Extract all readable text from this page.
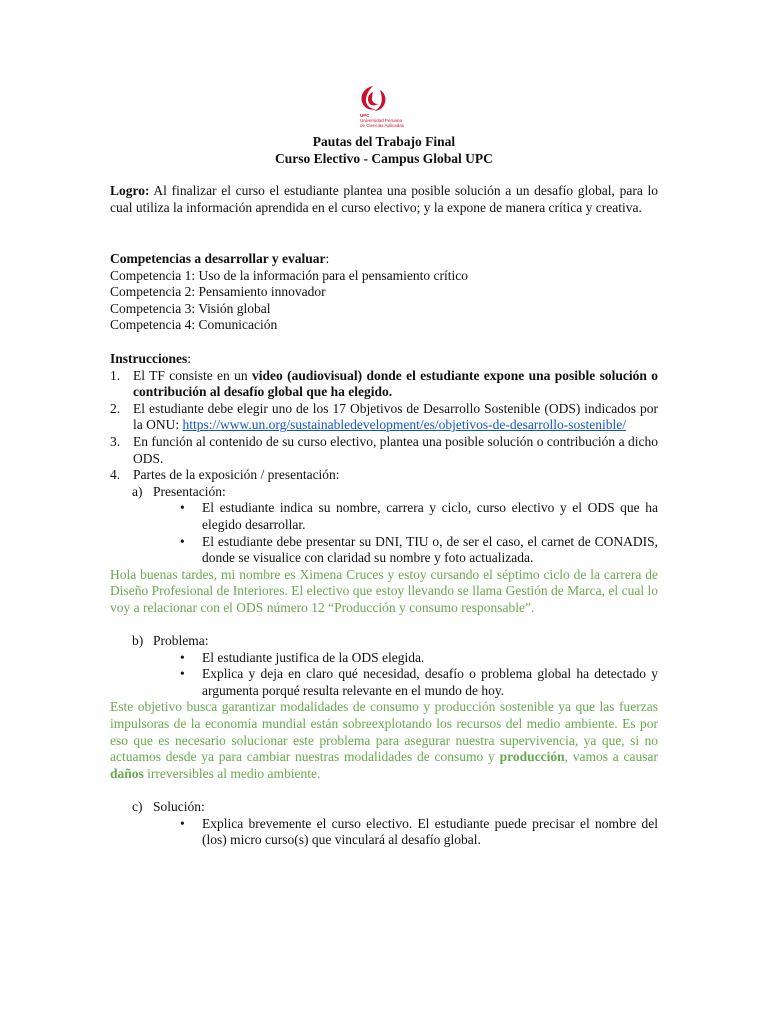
UPC
Universidad Peruana
de Ciencias Aplicadas
Pautas del Trabajo Final
Curso Electivo - Campus Global UPC
Logro: Al finalizar el curso el estudiante plantea una posible solución a un desafío global, para lo cual utiliza la información aprendida en el curso electivo; y la expone de manera crítica y creativa.
Competencias a desarrollar y evaluar:
Competencia 1: Uso de la información para el pensamiento crítico
Competencia 2: Pensamiento innovador
Competencia 3: Visión global
Competencia 4: Comunicación
Instrucciones:
1. El TF consiste en un video (audiovisual) donde el estudiante expone una posible solución o contribución al desafío global que ha elegido.
2. El estudiante debe elegir uno de los 17 Objetivos de Desarrollo Sostenible (ODS) indicados por la ONU: https://www.un.org/sustainabledevelopment/es/objetivos-de-desarrollo-sostenible/
3. En función al contenido de su curso electivo, plantea una posible solución o contribución a dicho ODS.
4. Partes de la exposición / presentación:
a) Presentación:
• El estudiante indica su nombre, carrera y ciclo, curso electivo y el ODS que ha elegido desarrollar.
• El estudiante debe presentar su DNI, TIU o, de ser el caso, el carnet de CONADIS, donde se visualice con claridad su nombre y foto actualizada.
Hola buenas tardes, mi nombre es Ximena Cruces y estoy cursando el séptimo ciclo de la carrera de Diseño Profesional de Interiores. El electivo que estoy llevando se llama Gestión de Marca, el cual lo voy a relacionar con el ODS número 12 “Producción y consumo responsable”.
b) Problema:
• El estudiante justifica de la ODS elegida.
• Explica y deja en claro qué necesidad, desafío o problema global ha detectado y argumenta porqué resulta relevante en el mundo de hoy.
Este objetivo busca garantizar modalidades de consumo y producción sostenible ya que las fuerzas impulsoras de la economía mundial están sobreexplotando los recursos del medio ambiente. Es por eso que es necesario solucionar este problema para asegurar nuestra supervivencia, ya que, si no actuamos desde ya para cambiar nuestras modalidades de consumo y producción, vamos a causar daños irreversibles al medio ambiente.
c) Solución:
• Explica brevemente el curso electivo. El estudiante puede precisar el nombre del (los) micro curso(s) que vinculará al desafío global.
